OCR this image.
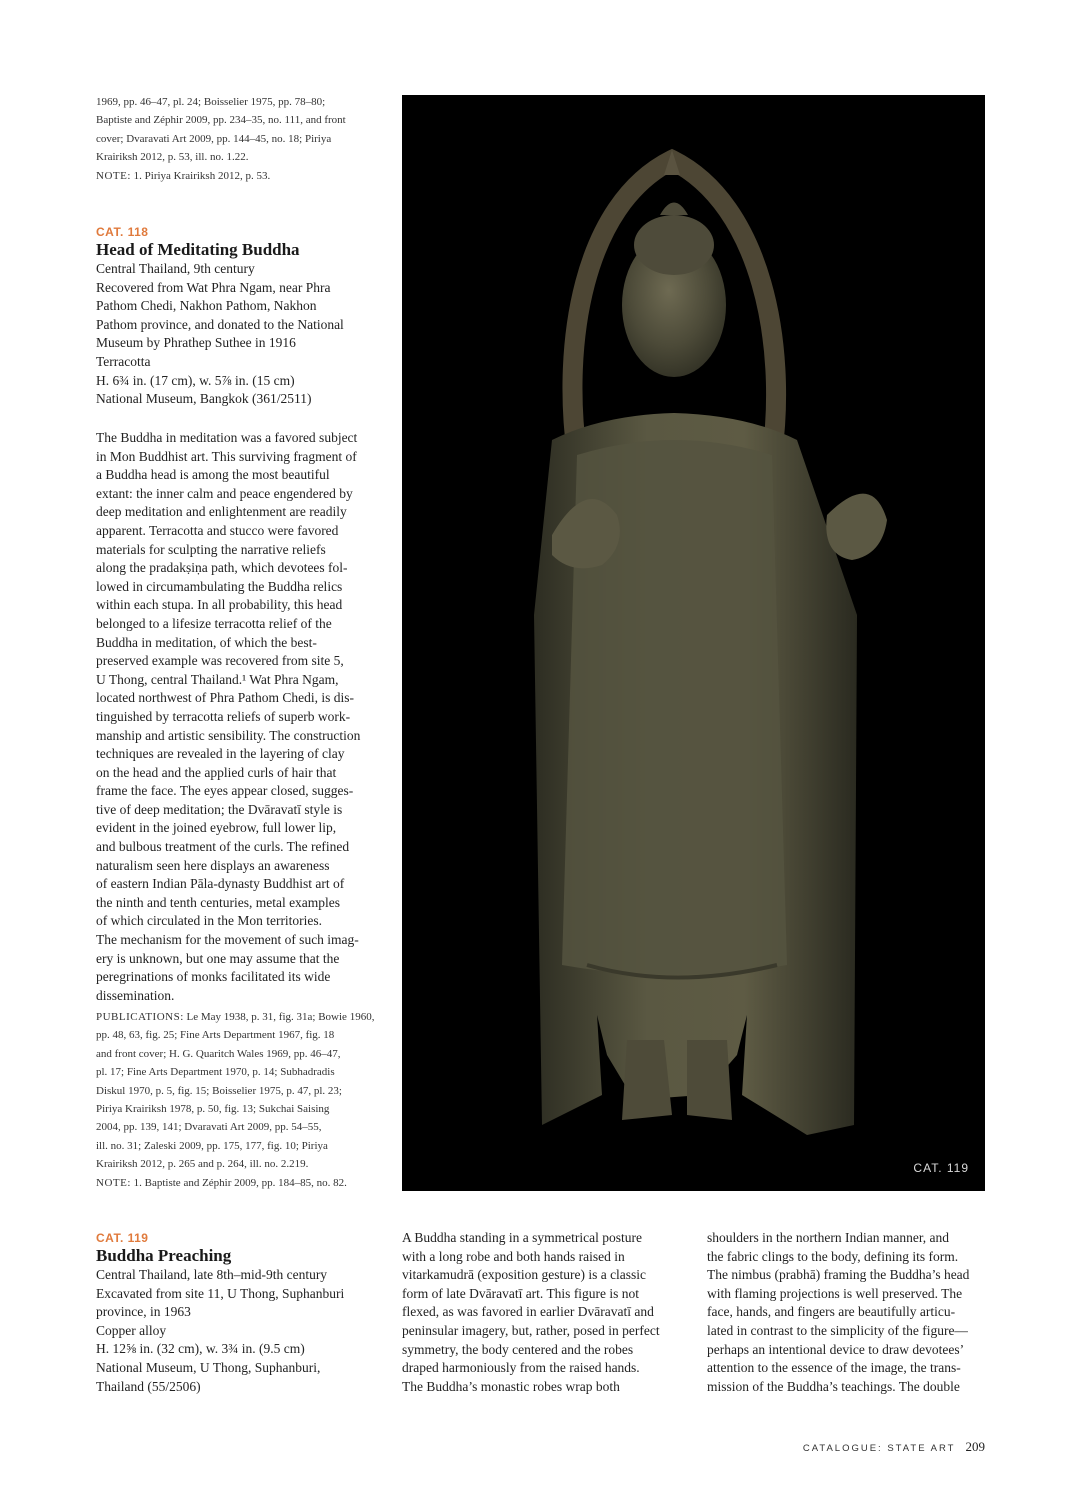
1969, pp. 46–47, pl. 24; Boisselier 1975, pp. 78–80;
Baptiste and Zéphir 2009, pp. 234–35, no. 111, and front
cover; Dvaravati Art 2009, pp. 144–45, no. 18; Piriya
Krairiksh 2012, p. 53, ill. no. 1.22.
NOTE: 1. Piriya Krairiksh 2012, p. 53.
CAT. 118
Head of Meditating Buddha
Central Thailand, 9th century
Recovered from Wat Phra Ngam, near Phra
Pathom Chedi, Nakhon Pathom, Nakhon
Pathom province, and donated to the National
Museum by Phrathep Suthee in 1916
Terracotta
H. 6¾ in. (17 cm), w. 5⅞ in. (15 cm)
National Museum, Bangkok (361/2511)
The Buddha in meditation was a favored subject
in Mon Buddhist art. This surviving fragment of
a Buddha head is among the most beautiful
extant: the inner calm and peace engendered by
deep meditation and enlightenment are readily
apparent. Terracotta and stucco were favored
materials for sculpting the narrative reliefs
along the pradakṣiṇa path, which devotees fol-
lowed in circumambulating the Buddha relics
within each stupa. In all probability, this head
belonged to a lifesize terracotta relief of the
Buddha in meditation, of which the best-
preserved example was recovered from site 5,
U Thong, central Thailand.¹ Wat Phra Ngam,
located northwest of Phra Pathom Chedi, is dis-
tinguished by terracotta reliefs of superb work-
manship and artistic sensibility. The construction
techniques are revealed in the layering of clay
on the head and the applied curls of hair that
frame the face. The eyes appear closed, sugges-
tive of deep meditation; the Dvāravatī style is
evident in the joined eyebrow, full lower lip,
and bulbous treatment of the curls. The refined
naturalism seen here displays an awareness
of eastern Indian Pāla-dynasty Buddhist art of
the ninth and tenth centuries, metal examples
of which circulated in the Mon territories.
The mechanism for the movement of such imag-
ery is unknown, but one may assume that the
peregrinations of monks facilitated its wide
dissemination.
PUBLICATIONS: Le May 1938, p. 31, fig. 31a; Bowie 1960,
pp. 48, 63, fig. 25; Fine Arts Department 1967, fig. 18
and front cover; H. G. Quaritch Wales 1969, pp. 46–47,
pl. 17; Fine Arts Department 1970, p. 14; Subhadradis
Diskul 1970, p. 5, fig. 15; Boisselier 1975, p. 47, pl. 23;
Piriya Krairiksh 1978, p. 50, fig. 13; Sukchai Saising
2004, pp. 139, 141; Dvaravati Art 2009, pp. 54–55,
ill. no. 31; Zaleski 2009, pp. 175, 177, fig. 10; Piriya
Krairiksh 2012, p. 265 and p. 264, ill. no. 2.219.
NOTE: 1. Baptiste and Zéphir 2009, pp. 184–85, no. 82.
CAT. 119
CAT. 119
Buddha Preaching
Central Thailand, late 8th–mid-9th century
Excavated from site 11, U Thong, Suphanburi
province, in 1963
Copper alloy
H. 12⅝ in. (32 cm), w. 3¾ in. (9.5 cm)
National Museum, U Thong, Suphanburi,
Thailand (55/2506)
A Buddha standing in a symmetrical posture
with a long robe and both hands raised in
vitarkamudrā (exposition gesture) is a classic
form of late Dvāravatī art. This figure is not
flexed, as was favored in earlier Dvāravatī and
peninsular imagery, but, rather, posed in perfect
symmetry, the body centered and the robes
draped harmoniously from the raised hands.
The Buddha’s monastic robes wrap both
shoulders in the northern Indian manner, and
the fabric clings to the body, defining its form.
The nimbus (prabhā) framing the Buddha’s head
with flaming projections is well preserved. The
face, hands, and fingers are beautifully articu-
lated in contrast to the simplicity of the figure—
perhaps an intentional device to draw devotees’
attention to the essence of the image, the trans-
mission of the Buddha’s teachings. The double
CATALOGUE: STATE ART 209
